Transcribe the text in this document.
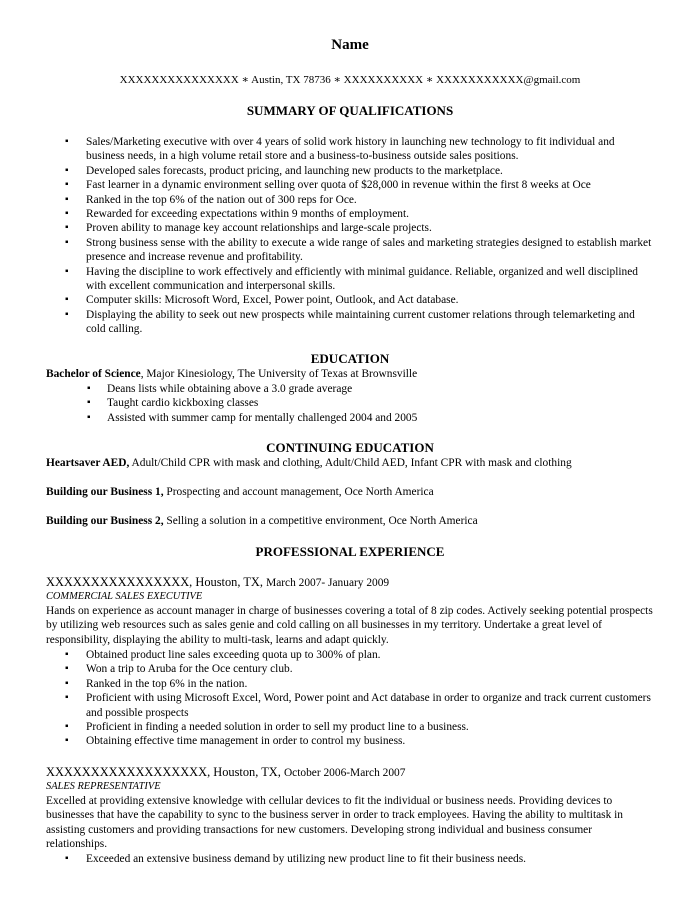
Name
XXXXXXXXXXXXXXX ∗ Austin, TX 78736 ∗ XXXXXXXXXX ∗ XXXXXXXXXXX@gmail.com
SUMMARY OF QUALIFICATIONS
▪ Sales/Marketing executive with over 4 years of solid work history in launching new technology to fit individual and business needs, in a high volume retail store and a business-to-business outside sales positions.
▪ Developed sales forecasts, product pricing, and launching new products to the marketplace.
▪ Fast learner in a dynamic environment selling over quota of $28,000 in revenue within the first 8 weeks at Oce
▪ Ranked in the top 6% of the nation out of 300 reps for Oce.
▪ Rewarded for exceeding expectations within 9 months of employment.
▪ Proven ability to manage key account relationships and large-scale projects.
▪ Strong business sense with the ability to execute a wide range of sales and marketing strategies designed to establish market presence and increase revenue and profitability.
▪ Having the discipline to work effectively and efficiently with minimal guidance. Reliable, organized and well disciplined with excellent communication and interpersonal skills.
▪ Computer skills: Microsoft Word, Excel, Power point, Outlook, and Act database.
▪ Displaying the ability to seek out new prospects while maintaining current customer relations through telemarketing and cold calling.
EDUCATION
Bachelor of Science, Major Kinesiology, The University of Texas at Brownsville
▪ Deans lists while obtaining above a 3.0 grade average
▪ Taught cardio kickboxing classes
▪ Assisted with summer camp for mentally challenged 2004 and 2005
CONTINUING EDUCATION
Heartsaver AED, Adult/Child CPR with mask and clothing, Adult/Child AED, Infant CPR with mask and clothing
Building our Business 1, Prospecting and account management, Oce North America
Building our Business 2, Selling a solution in a competitive environment, Oce North America
PROFESSIONAL EXPERIENCE
XXXXXXXXXXXXXXXX, Houston, TX, March 2007- January 2009
COMMERCIAL SALES EXECUTIVE
Hands on experience as account manager in charge of businesses covering a total of 8 zip codes. Actively seeking potential prospects by utilizing web resources such as sales genie and cold calling on all businesses in my territory. Undertake a great level of responsibility, displaying the ability to multi-task, learns and adapt quickly.
▪ Obtained product line sales exceeding quota up to 300% of plan.
▪ Won a trip to Aruba for the Oce century club.
▪ Ranked in the top 6% in the nation.
▪ Proficient with using Microsoft Excel, Word, Power point and Act database in order to organize and track current customers and possible prospects
▪ Proficient in finding a needed solution in order to sell my product line to a business.
▪ Obtaining effective time management in order to control my business.
XXXXXXXXXXXXXXXXXX, Houston, TX, October 2006-March 2007
SALES REPRESENTATIVE
Excelled at providing extensive knowledge with cellular devices to fit the individual or business needs. Providing devices to businesses that have the capability to sync to the business server in order to track employees. Having the ability to multitask in assisting customers and providing transactions for new customers. Developing strong individual and business consumer relationships.
▪ Exceeded an extensive business demand by utilizing new product line to fit their business needs.
